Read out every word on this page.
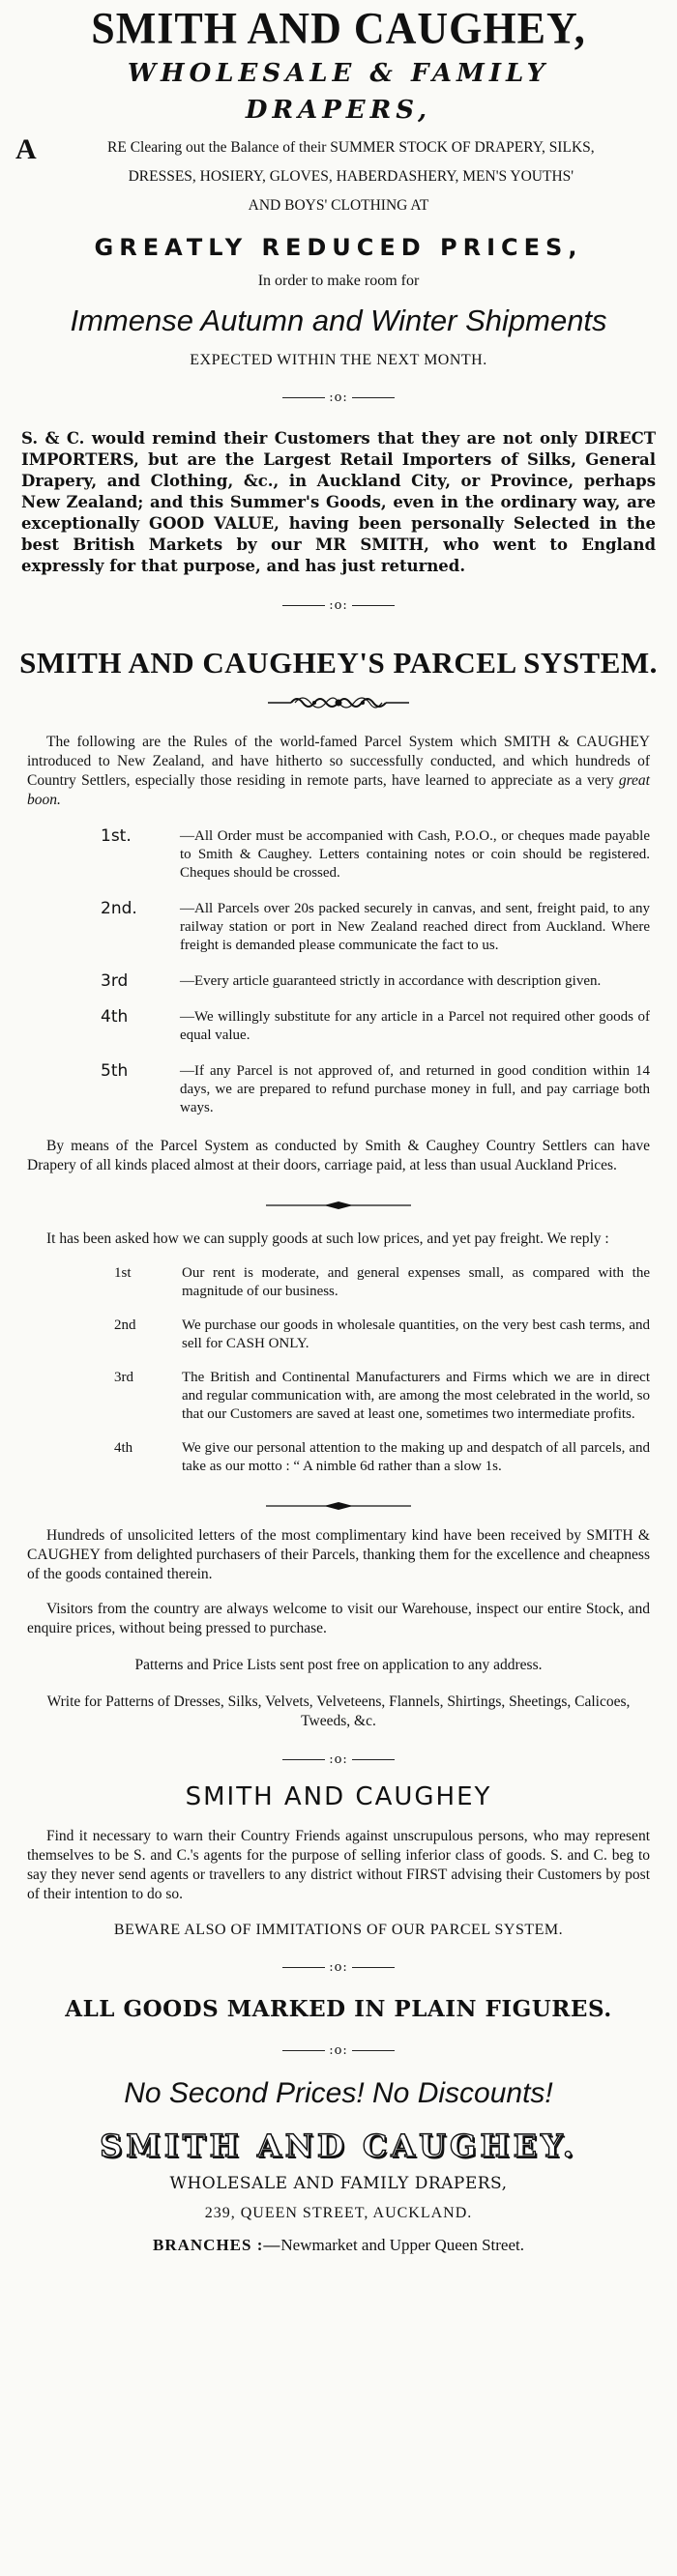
SMITH AND CAUGHEY,
WHOLESALE & FAMILY
DRAPERS,
A	RE Clearing out the Balance of their SUMMER STOCK OF DRAPERY, SILKS,
DRESSES, HOSIERY, GLOVES, HABERDASHERY, MEN'S YOUTHS'
AND BOYS' CLOTHING AT
GREATLY REDUCED PRICES,
In order to make room for
Immense Autumn and Winter Shipments
EXPECTED WITHIN THE NEXT MONTH.
:o:
S. & C. would remind their Customers that they are not only DIRECT IMPORTERS, but are the Largest Retail Importers of Silks, General Drapery, and Clothing, &c., in Auckland City, or Province, perhaps New Zealand; and this Summer's Goods, even in the ordinary way, are exceptionally GOOD VALUE, having been personally Selected in the best British Markets by our MR SMITH, who went to England expressly for that purpose, and has just returned.
:o:
SMITH AND CAUGHEY'S PARCEL SYSTEM.
The following are the Rules of the world-famed Parcel System which SMITH & CAUGHEY introduced to New Zealand, and have hitherto so successfully conducted, and which hundreds of Country Settlers, especially those residing in remote parts, have learned to appreciate as a very great boon.
1st.	—All Order must be accompanied with Cash, P.O.O., or cheques made payable to Smith & Caughey. Letters containing notes or coin should be registered. Cheques should be crossed.
2nd.	—All Parcels over 20s packed securely in canvas, and sent, freight paid, to any railway station or port in New Zealand reached direct from Auckland. Where freight is demanded please communicate the fact to us.
3rd	—Every article guaranteed strictly in accordance with description given.
4th	—We willingly substitute for any article in a Parcel not required other goods of equal value.
5th	—If any Parcel is not approved of, and returned in good condition within 14 days, we are prepared to refund purchase money in full, and pay carriage both ways.
By means of the Parcel System as conducted by Smith & Caughey Country Settlers can have Drapery of all kinds placed almost at their doors, carriage paid, at less than usual Auckland Prices.
It has been asked how we can supply goods at such low prices, and yet pay freight. We reply :
1st	Our rent is moderate, and general expenses small, as compared with the magnitude of our business.
2nd	We purchase our goods in wholesale quantities, on the very best cash terms, and sell for CASH ONLY.
3rd	The British and Continental Manufacturers and Firms which we are in direct and regular communication with, are among the most celebrated in the world, so that our Customers are saved at least one, sometimes two intermediate profits.
4th	We give our personal attention to the making up and despatch of all parcels, and take as our motto : “ A nimble 6d rather than a slow 1s.
Hundreds of unsolicited letters of the most complimentary kind have been received by SMITH & CAUGHEY from delighted purchasers of their Parcels, thanking them for the excellence and cheapness of the goods contained therein.
Visitors from the country are always welcome to visit our Warehouse, inspect our entire Stock, and enquire prices, without being pressed to purchase.
Patterns and Price Lists sent post free on application to any address.
Write for Patterns of Dresses, Silks, Velvets, Velveteens, Flannels, Shirtings, Sheetings, Calicoes, Tweeds, &c.
:o:
SMITH AND CAUGHEY
Find it necessary to warn their Country Friends against unscrupulous persons, who may represent themselves to be S. and C.'s agents for the purpose of selling inferior class of goods. S. and C. beg to say they never send agents or travellers to any district without FIRST advising their Customers by post of their intention to do so.
BEWARE ALSO OF IMMITATIONS OF OUR PARCEL SYSTEM.
:o:
ALL GOODS MARKED IN PLAIN FIGURES.
:o:
No Second Prices! No Discounts!
SMITH AND CAUGHEY.
WHOLESALE AND FAMILY DRAPERS,
239, QUEEN STREET, AUCKLAND.
BRANCHES :—Newmarket and Upper Queen Street.
